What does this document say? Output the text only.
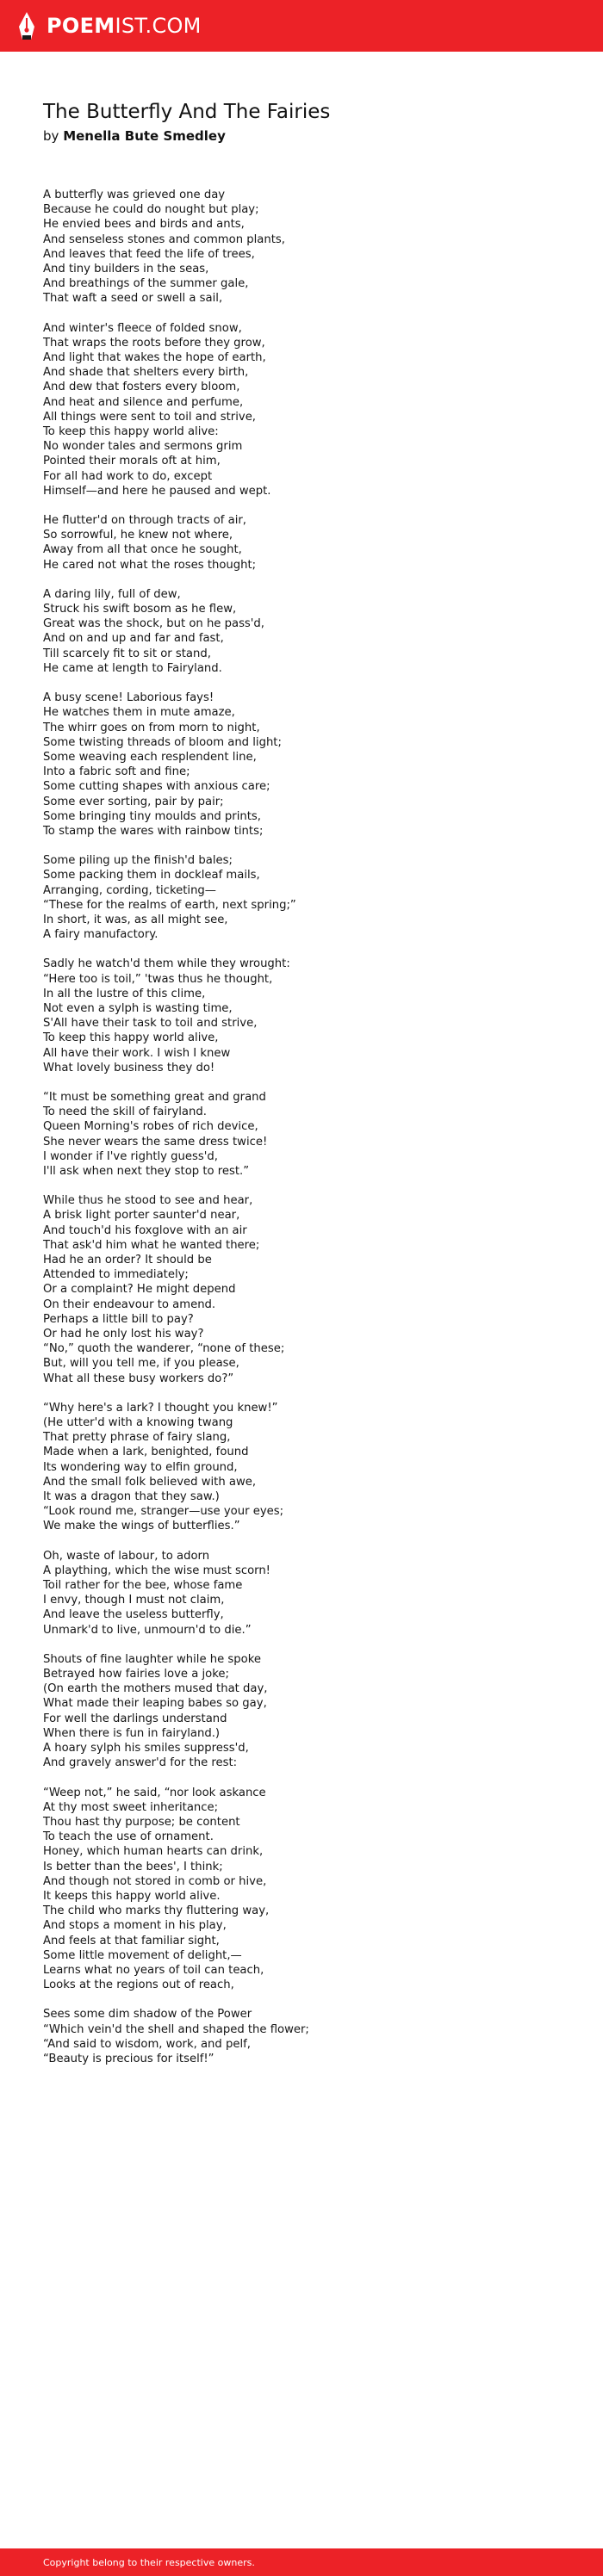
POEMIST.COM
The Butterfly And The Fairies
by Menella Bute Smedley
A butterfly was grieved one day
Because he could do nought but play;
He envied bees and birds and ants,
And senseless stones and common plants,
And leaves that feed the life of trees,
And tiny builders in the seas,
And breathings of the summer gale,
That waft a seed or swell a sail,
And winter's fleece of folded snow,
That wraps the roots before they grow,
And light that wakes the hope of earth,
And shade that shelters every birth,
And dew that fosters every bloom,
And heat and silence and perfume,
All things were sent to toil and strive,
To keep this happy world alive:
No wonder tales and sermons grim
Pointed their morals oft at him,
For all had work to do, except
Himself—and here he paused and wept.
He flutter'd on through tracts of air,
So sorrowful, he knew not where,
Away from all that once he sought,
He cared not what the roses thought;
A daring lily, full of dew,
Struck his swift bosom as he flew,
Great was the shock, but on he pass'd,
And on and up and far and fast,
Till scarcely fit to sit or stand,
He came at length to Fairyland.
A busy scene! Laborious fays!
He watches them in mute amaze,
The whirr goes on from morn to night,
Some twisting threads of bloom and light;
Some weaving each resplendent line,
Into a fabric soft and fine;
Some cutting shapes with anxious care;
Some ever sorting, pair by pair;
Some bringing tiny moulds and prints,
To stamp the wares with rainbow tints;
Some piling up the finish'd bales;
Some packing them in dockleaf mails,
Arranging, cording, ticketing—
“These for the realms of earth, next spring;”
In short, it was, as all might see,
A fairy manufactory.
Sadly he watch'd them while they wrought:
“Here too is toil,” 'twas thus he thought,
In all the lustre of this clime,
Not even a sylph is wasting time,
S'All have their task to toil and strive,
To keep this happy world alive,
All have their work. I wish I knew
What lovely business they do!
“It must be something great and grand
To need the skill of fairyland.
Queen Morning's robes of rich device,
She never wears the same dress twice!
I wonder if I've rightly guess'd,
I'll ask when next they stop to rest.”
While thus he stood to see and hear,
A brisk light porter saunter'd near,
And touch'd his foxglove with an air
That ask'd him what he wanted there;
Had he an order? It should be
Attended to immediately;
Or a complaint? He might depend
On their endeavour to amend.
Perhaps a little bill to pay?
Or had he only lost his way?
“No,” quoth the wanderer, “none of these;
But, will you tell me, if you please,
What all these busy workers do?”
“Why here's a lark? I thought you knew!”
(He utter'd with a knowing twang
That pretty phrase of fairy slang,
Made when a lark, benighted, found
Its wondering way to elfin ground,
And the small folk believed with awe,
It was a dragon that they saw.)
“Look round me, stranger—use your eyes;
We make the wings of butterflies.”
Oh, waste of labour, to adorn
A plaything, which the wise must scorn!
Toil rather for the bee, whose fame
I envy, though I must not claim,
And leave the useless butterfly,
Unmark'd to live, unmourn'd to die.”
Shouts of fine laughter while he spoke
Betrayed how fairies love a joke;
(On earth the mothers mused that day,
What made their leaping babes so gay,
For well the darlings understand
When there is fun in fairyland.)
A hoary sylph his smiles suppress'd,
And gravely answer'd for the rest:
“Weep not,” he said, “nor look askance
At thy most sweet inheritance;
Thou hast thy purpose; be content
To teach the use of ornament.
Honey, which human hearts can drink,
Is better than the bees', I think;
And though not stored in comb or hive,
It keeps this happy world alive.
The child who marks thy fluttering way,
And stops a moment in his play,
And feels at that familiar sight,
Some little movement of delight,—
Learns what no years of toil can teach,
Looks at the regions out of reach,
Sees some dim shadow of the Power
“Which vein'd the shell and shaped the flower;
“And said to wisdom, work, and pelf,
“Beauty is precious for itself!”
Copyright belong to their respective owners.
